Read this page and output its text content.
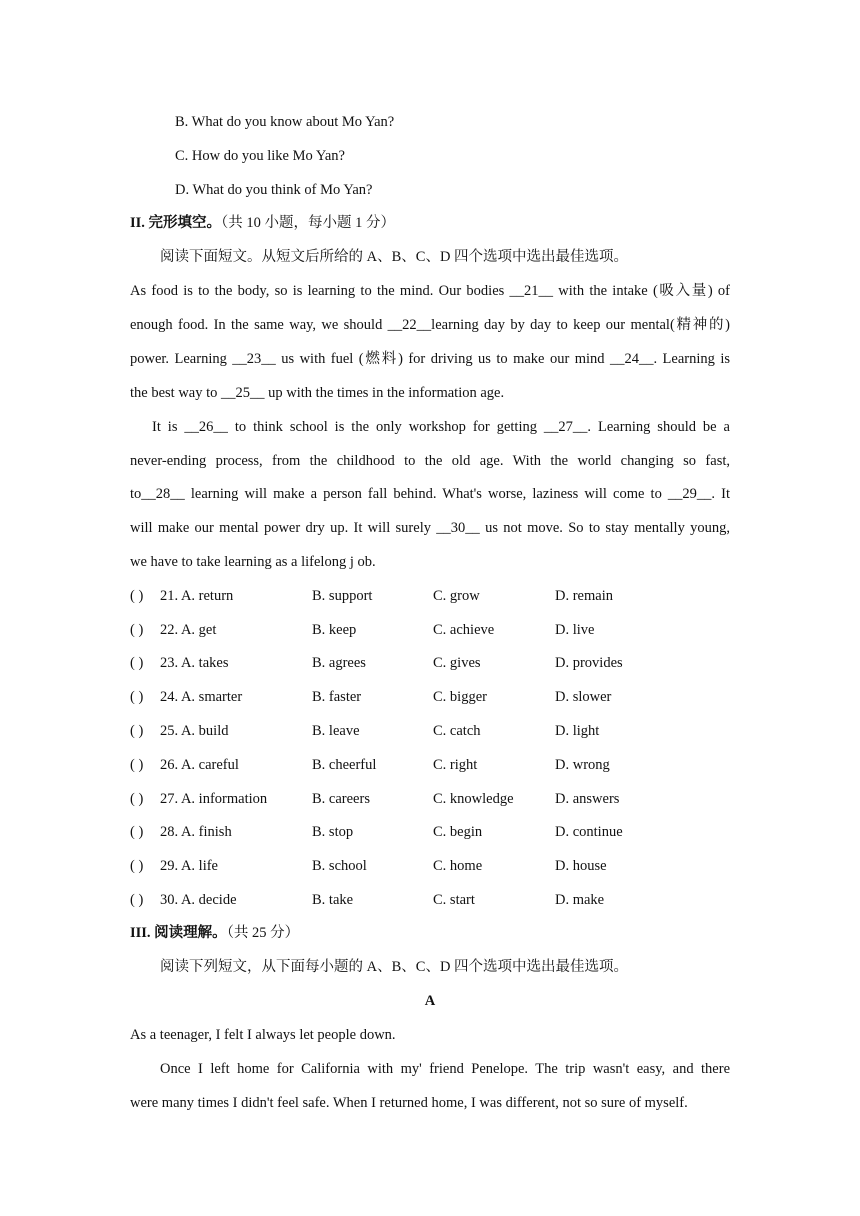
B. What do you know about Mo Yan?
C. How do you like Mo Yan?
D. What do you think of Mo Yan?
II. 完形填空。（共 10 小题，每小题 1 分）
阅读下面短文。从短文后所给的 A、B、C、D 四个选项中选出最佳选项。
As food is to the body, so is learning to the mind. Our bodies __21__ with the intake (吸入量) of
enough food. In the same way, we should __22__learning day by day to keep our mental(精神的)
power. Learning __23__ us with fuel (燃料) for driving us to make our mind __24__. Learning is
the best way to __25__ up with the times in the information age.
It is __26__ to think school is the only workshop for getting __27__. Learning should be a
never-ending process, from the childhood to the old age. With the world changing so fast,
to__28__ learning will make a person fall behind. What's worse, laziness will come to __29__. It
will make our mental power dry up. It will surely __30__ us not move. So to stay mentally young,
we have to take learning as a lifelong j ob.
( ) 21. A. return	B. support	C. grow	D. remain
( ) 22. A. get	B. keep	C. achieve	D. live
( ) 23. A. takes	B. agrees	C. gives	D. provides
( ) 24. A. smarter	B. faster	C. bigger	D. slower
( ) 25. A. build	B. leave	C. catch	D. light
( ) 26. A. careful	B. cheerful	C. right	D. wrong
( ) 27. A. information	B. careers	C. knowledge	D. answers
( ) 28. A. finish	B. stop	C. begin	D. continue
( ) 29. A. life	B. school	C. home	D. house
( ) 30. A. decide	B. take	C. start	D. make
III. 阅读理解。（共 25 分）
阅读下列短文，从下面每小题的 A、B、C、D 四个选项中选出最佳选项。
A
As a teenager, I felt I always let people down.
Once I left home for California with my' friend Penelope. The trip wasn't easy, and there
were many times I didn't feel safe. When I returned home, I was different, not so sure of myself.
